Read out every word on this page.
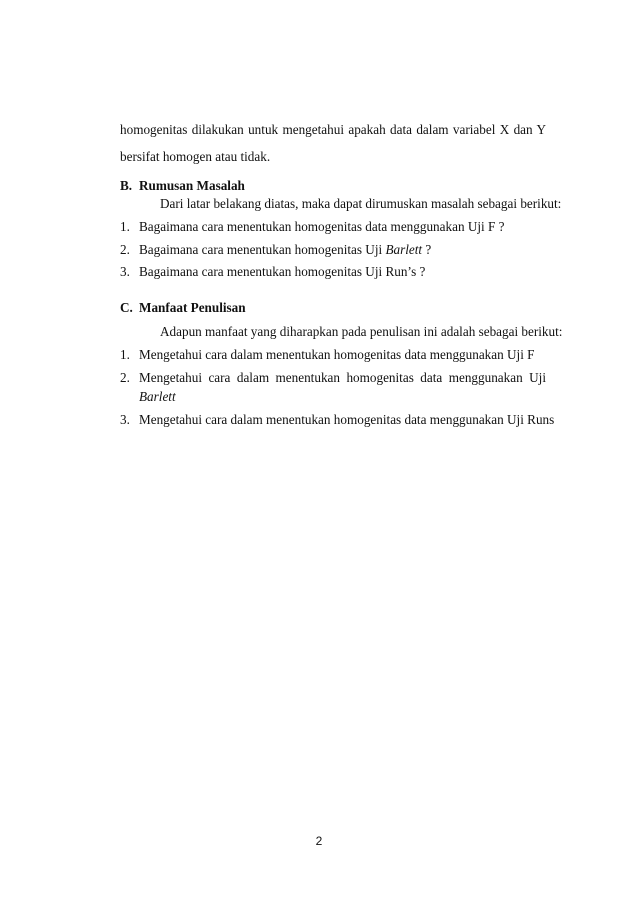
homogenitas dilakukan untuk mengetahui apakah data dalam variabel X dan Y
bersifat homogen atau tidak.
B. Rumusan Masalah
Dari latar belakang diatas, maka dapat dirumuskan masalah sebagai berikut:
1. Bagaimana cara menentukan homogenitas data menggunakan Uji F ?
2. Bagaimana cara menentukan homogenitas Uji Barlett ?
3. Bagaimana cara menentukan homogenitas Uji Run’s ?
C. Manfaat Penulisan
Adapun manfaat yang diharapkan pada penulisan ini adalah sebagai berikut:
1. Mengetahui cara dalam menentukan homogenitas data menggunakan Uji F
2. Mengetahui cara dalam menentukan homogenitas data menggunakan Uji
Barlett
3. Mengetahui cara dalam menentukan homogenitas data menggunakan Uji Runs
2
